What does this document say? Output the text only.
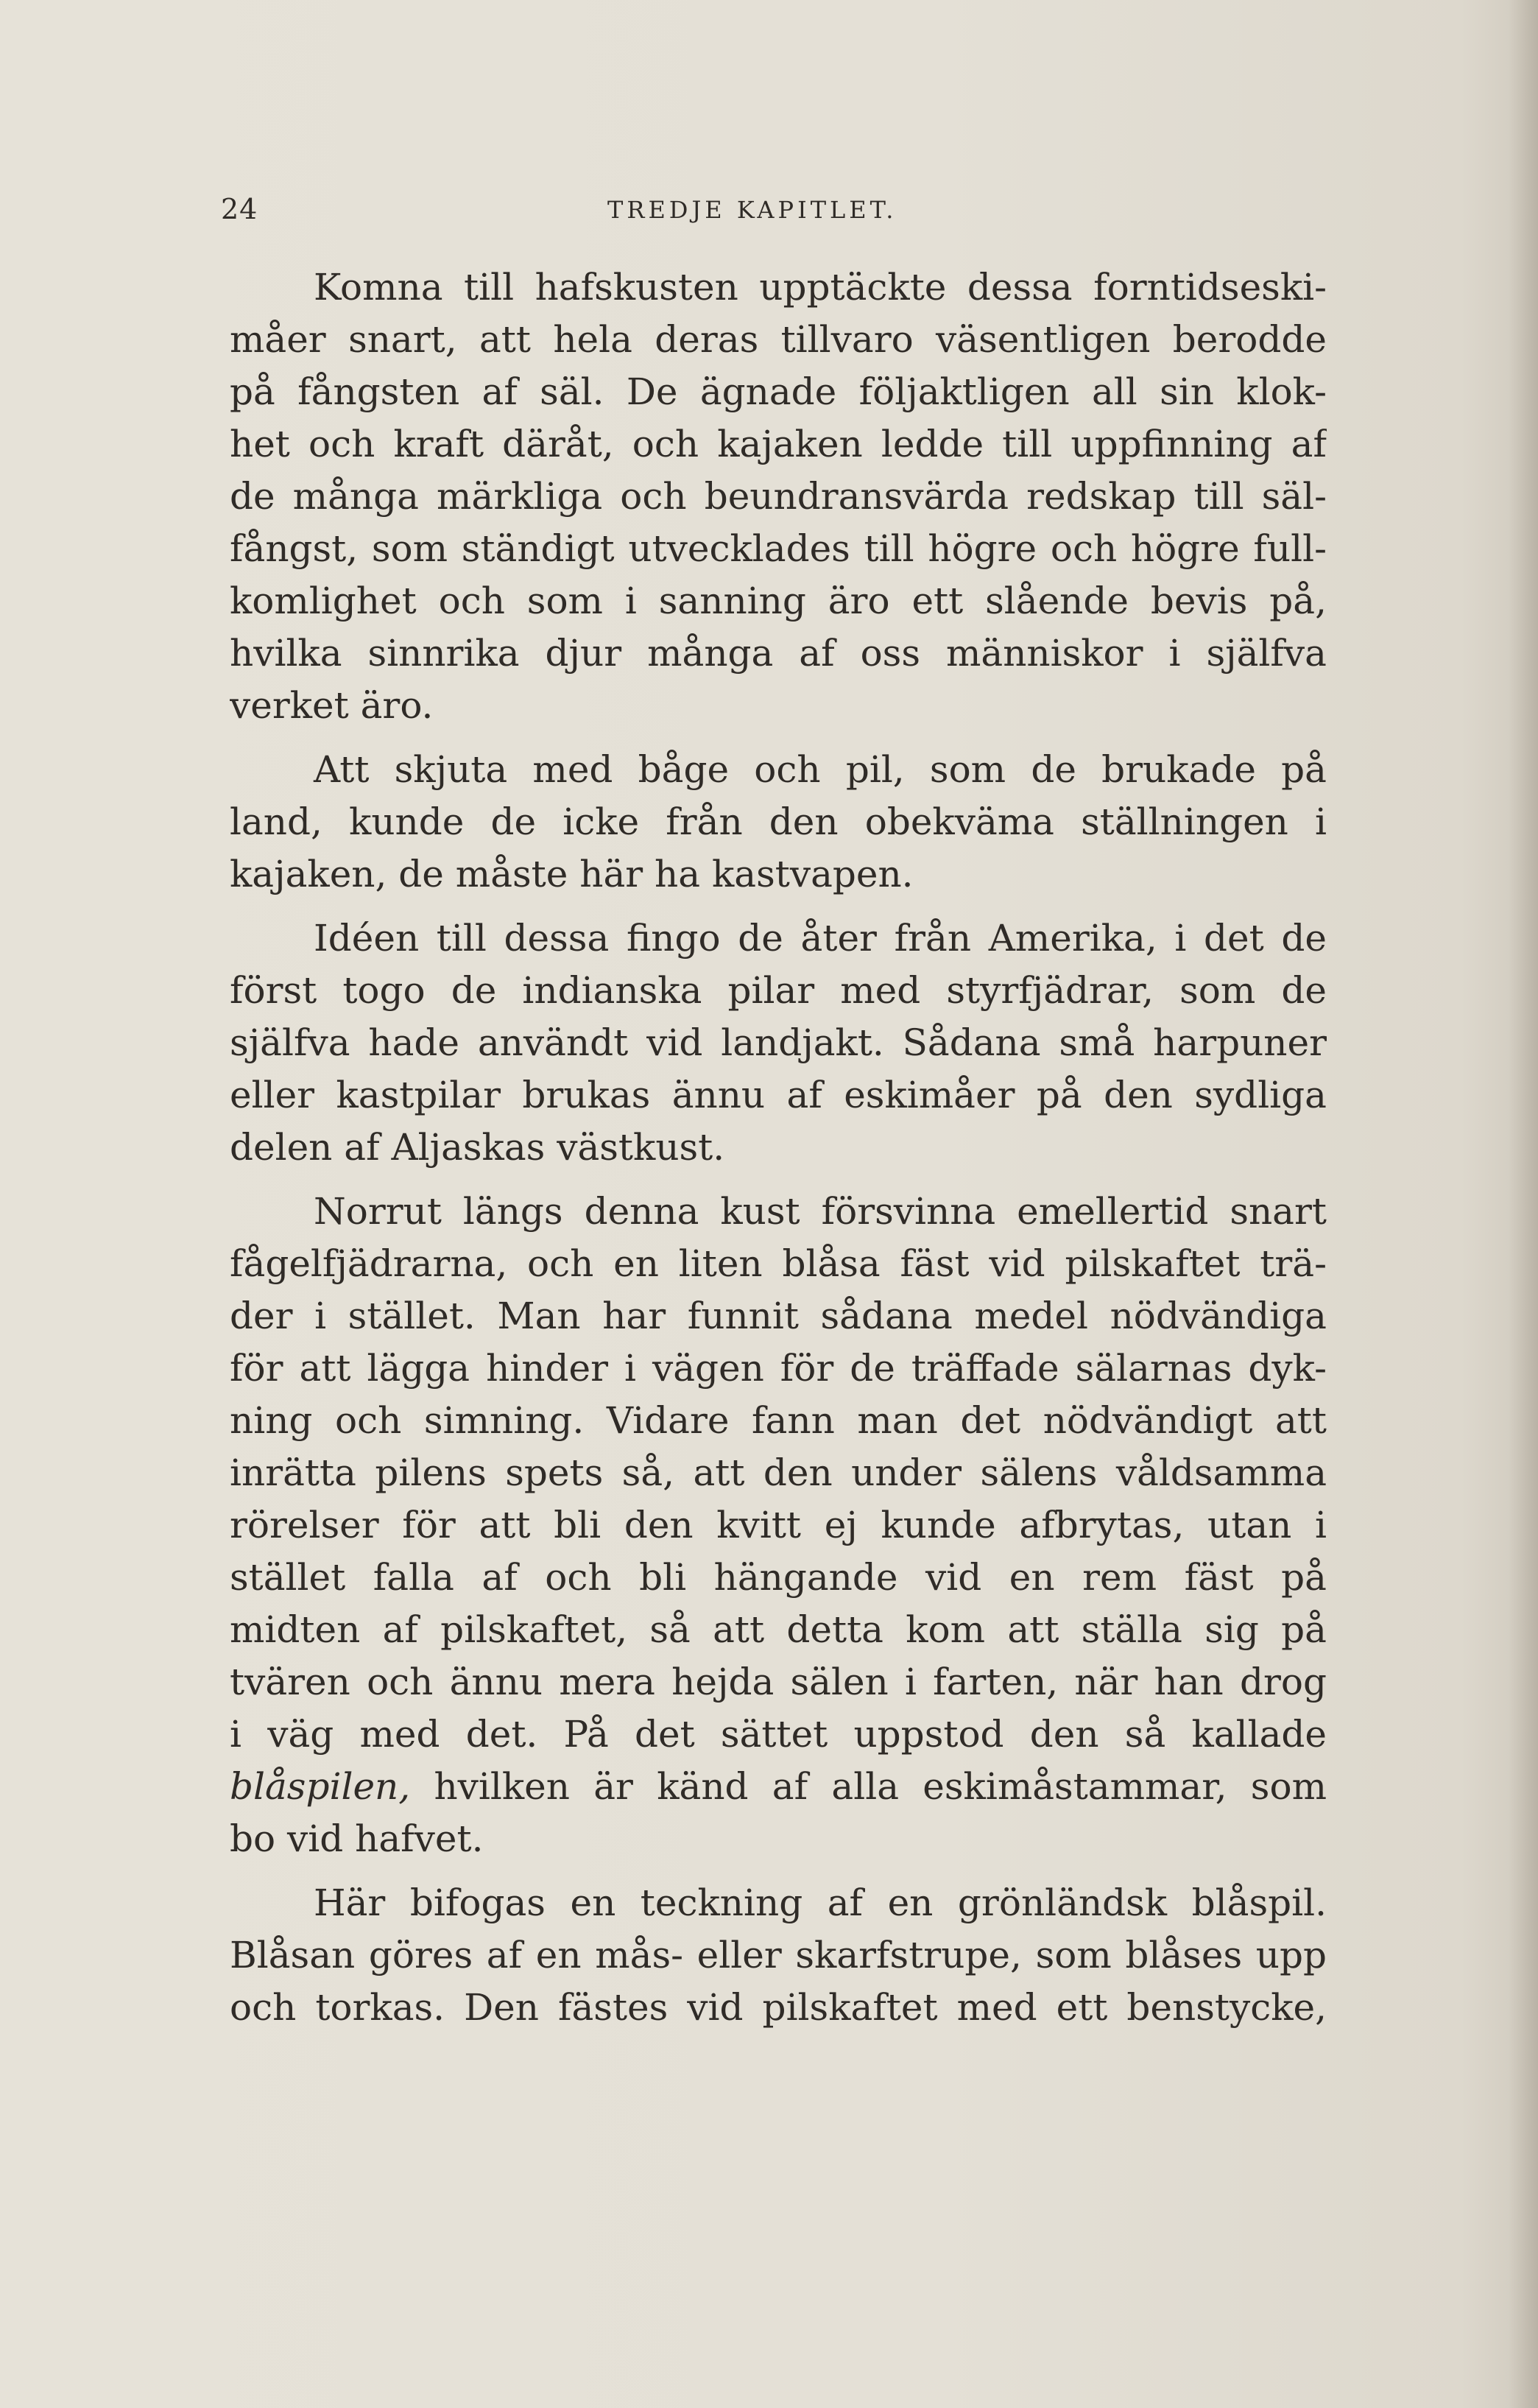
24	TREDJE KAPITLET.
Komna till hafskusten upptäckte dessa forntidseski-
måer snart, att hela deras tillvaro väsentligen berodde
på fångsten af säl. De ägnade följaktligen all sin klok-
het och kraft däråt, och kajaken ledde till uppfinning af
de många märkliga och beundransvärda redskap till säl-
fångst, som ständigt utvecklades till högre och högre full-
komlighet och som i sanning äro ett slående bevis på,
hvilka sinnrika djur många af oss människor i själfva
verket äro.
Att skjuta med båge och pil, som de brukade på
land, kunde de icke från den obekväma ställningen i
kajaken, de måste här ha kastvapen.
Idéen till dessa fingo de åter från Amerika, i det de
först togo de indianska pilar med styrfjädrar, som de
själfva hade användt vid landjakt. Sådana små harpuner
eller kastpilar brukas ännu af eskimåer på den sydliga
delen af Aljaskas västkust.
Norrut längs denna kust försvinna emellertid snart
fågelfjädrarna, och en liten blåsa fäst vid pilskaftet trä-
der i stället. Man har funnit sådana medel nödvändiga
för att lägga hinder i vägen för de träffade sälarnas dyk-
ning och simning. Vidare fann man det nödvändigt att
inrätta pilens spets så, att den under sälens våldsamma
rörelser för att bli den kvitt ej kunde afbrytas, utan i
stället falla af och bli hängande vid en rem fäst på
midten af pilskaftet, så att detta kom att ställa sig på
tvären och ännu mera hejda sälen i farten, när han drog
i väg med det. På det sättet uppstod den så kallade
blåspilen, hvilken är känd af alla eskimåstammar, som
bo vid hafvet.
Här bifogas en teckning af en grönländsk blåspil.
Blåsan göres af en mås- eller skarfstrupe, som blåses upp
och torkas. Den fästes vid pilskaftet med ett benstycke,
